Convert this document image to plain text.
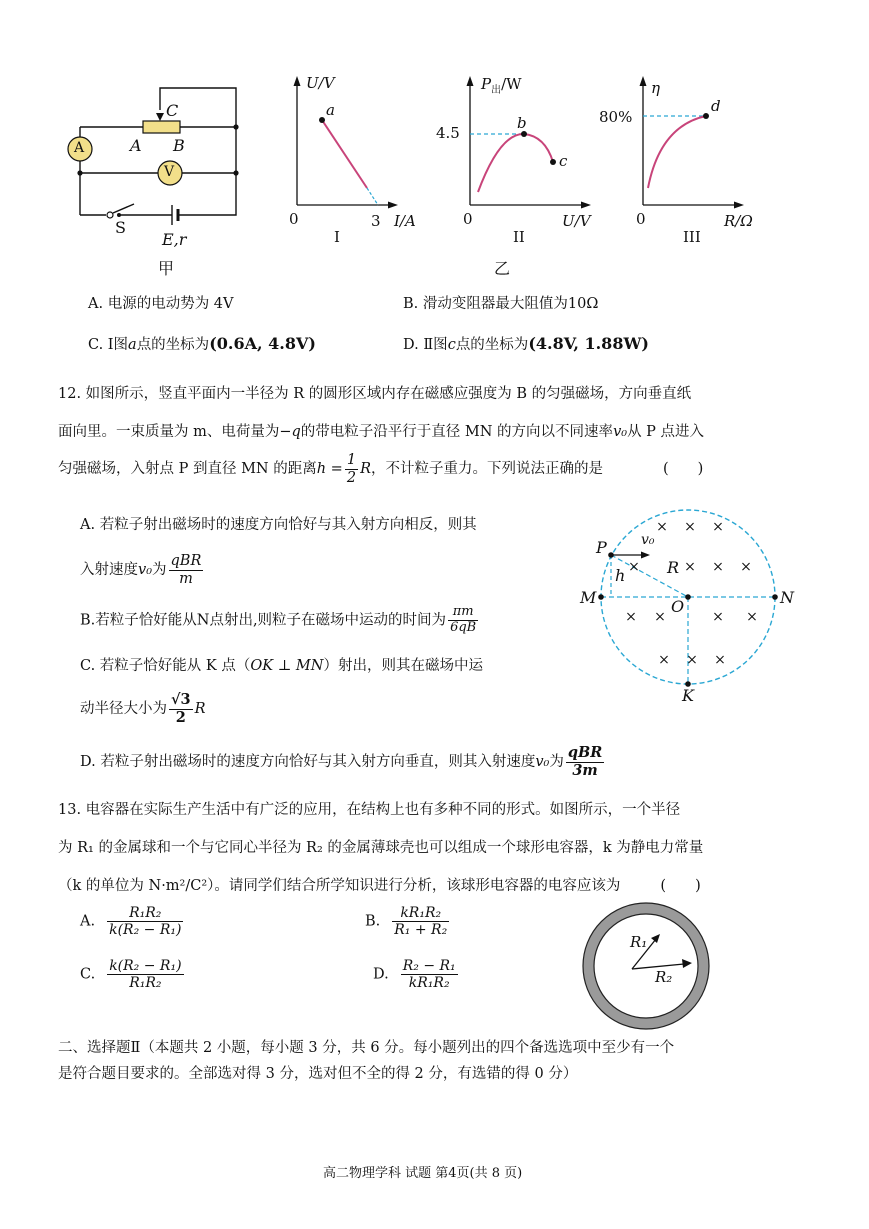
C
A B
A
V
S
E,r
甲
U/V
a
0	3 I/A
I
$P_出/W$
4.5
b
c
0	U/V
II
乙
η
80%
d
0	R/Ω
III
A. 电源的电动势为 4V	B. 滑动变阻器最大阻值为10Ω
C. Ⅰ图a点的坐标为(0.6A, 4.8V)	D. Ⅱ图c点的坐标为(4.8V, 1.88W)
12. 如图所示，竖直平面内一半径为 R 的圆形区域内存在磁感应强度为 B 的匀强磁场，方向垂直纸
面向里。一束质量为 m、电荷量为−q的带电粒子沿平行于直径 MN 的方向以不同速率v₀从 P 点进入
匀强磁场，入射点 P 到直径 MN 的距离$h = \frac{1}{2}$ R，不计粒子重力。下列说法正确的是	(　　)
A. 若粒子射出磁场时的速度方向恰好与其入射方向相反，则其
入射速度v₀为 $\frac{\text{qBR}}{m}$
B.若粒子恰好能从N点射出,则粒子在磁场中运动的时间为 $\frac{\pi m}{6qB}$
C. 若粒子恰好能从 K 点（OK ⊥ MN）射出，则其在磁场中运
动半径大小为 $\frac{√3}{2}$ R
D. 若粒子射出磁场时的速度方向恰好与其入射方向垂直，则其入射速度v₀为 $\frac{\text{qBR}}{3m}$
× × ×
×	× × ×
× ×	× ×
× × ×
P v₀
h	R
M	N
O
K
13. 电容器在实际生产生活中有广泛的应用，在结构上也有多种不同的形式。如图所示，一个半径
为 R₁ 的金属球和一个与它同心半径为 R₂ 的金属薄球壳也可以组成一个球形电容器，k 为静电力常量
（k 的单位为 N·m²/C²）。请同学们结合所学知识进行分析，该球形电容器的电容应该为	(　　)
A. $\frac{\text{R₁R₂}}{\text{k(R₂ − R₁)}}$	B. $\frac{\text{kR₁R₂}}{\text{R₁ + R₂}}$
C. $\frac{\text{k(R₂ − R₁)}}{\text{R₁R₂}}$	D. $\frac{\text{R₂ − R₁}}{\text{kR₁R₂}}$
R₁
R₂
二、选择题Ⅱ（本题共 2 小题，每小题 3 分，共 6 分。每小题列出的四个备选选项中至少有一个
是符合题目要求的。全部选对得 3 分，选对但不全的得 2 分，有选错的得 0 分）
高二物理学科 试题 第4页(共 8 页)
